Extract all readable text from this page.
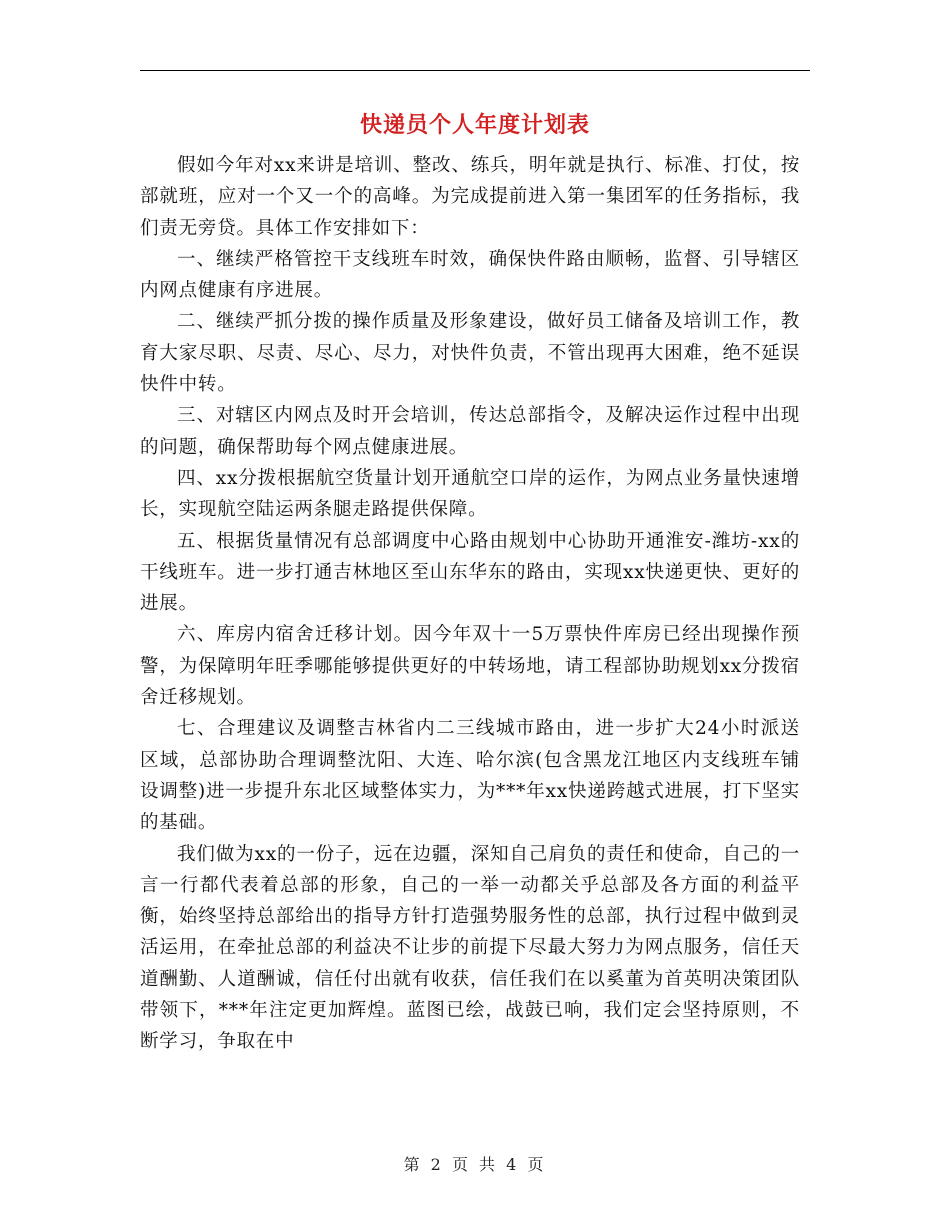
快递员个人年度计划表

假如今年对xx来讲是培训、整改、练兵，明年就是执行、标准、打仗，按部就班，应对一个又一个的高峰。为完成提前进入第一集团军的任务指标，我们责无旁贷。具体工作安排如下：

一、继续严格管控干支线班车时效，确保快件路由顺畅，监督、引导辖区内网点健康有序进展。

二、继续严抓分拨的操作质量及形象建设，做好员工储备及培训工作，教育大家尽职、尽责、尽心、尽力，对快件负责，不管出现再大困难，绝不延误快件中转。

三、对辖区内网点及时开会培训，传达总部指令，及解决运作过程中出现的问题，确保帮助每个网点健康进展。

四、xx分拨根据航空货量计划开通航空口岸的运作，为网点业务量快速增长，实现航空陆运两条腿走路提供保障。

五、根据货量情况有总部调度中心路由规划中心协助开通淮安-潍坊-xx的干线班车。进一步打通吉林地区至山东华东的路由，实现xx快递更快、更好的进展。

六、库房内宿舍迁移计划。因今年双十一5万票快件库房已经出现操作预警，为保障明年旺季哪能够提供更好的中转场地，请工程部协助规划xx分拨宿舍迁移规划。

七、合理建议及调整吉林省内二三线城市路由，进一步扩大24小时派送区域，总部协助合理调整沈阳、大连、哈尔滨(包含黑龙江地区内支线班车铺设调整)进一步提升东北区域整体实力，为***年xx快递跨越式进展，打下坚实的基础。

我们做为xx的一份子，远在边疆，深知自己肩负的责任和使命，自己的一言一行都代表着总部的形象，自己的一举一动都关乎总部及各方面的利益平衡，始终坚持总部给出的指导方针打造强势服务性的总部，执行过程中做到灵活运用，在牵扯总部的利益决不让步的前提下尽最大努力为网点服务，信任天道酬勤、人道酬诚，信任付出就有收获，信任我们在以奚董为首英明决策团队带领下，***年注定更加辉煌。蓝图已绘，战鼓已响，我们定会坚持原则，不断学习，争取在中

第 2 页 共 4 页
